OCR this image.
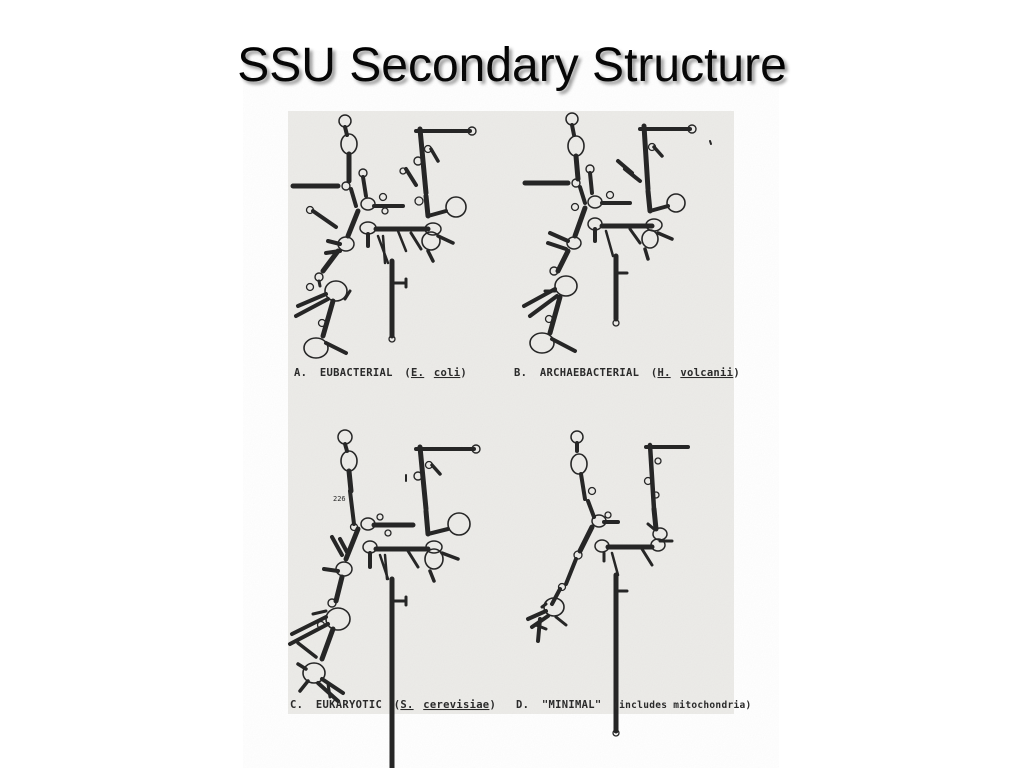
SSU Secondary Structure
226
A. EUBACTERIAL (E. coli)	B. ARCHAEBACTERIAL (H. volcanii)
C. EUKARYOTIC (S. cerevisiae) D. "MINIMAL" (includes mitochondria)
